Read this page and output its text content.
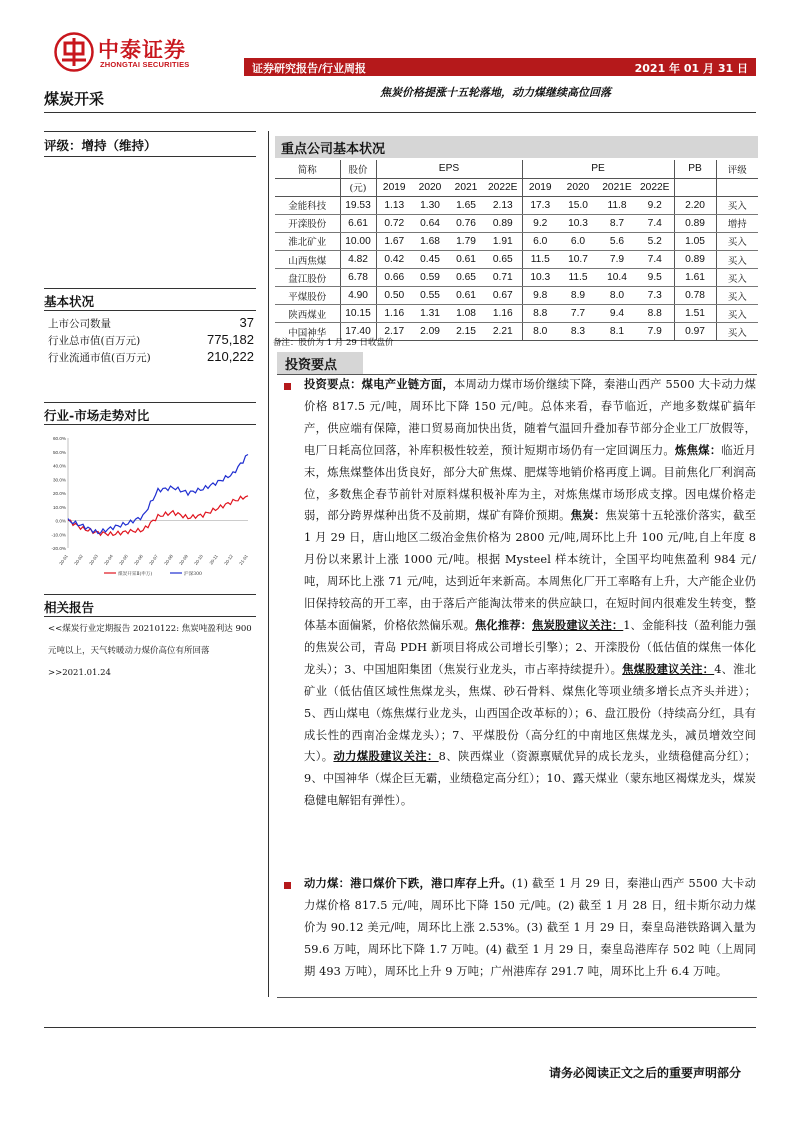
中泰证券
ZHONGTAI SECURITIES	证券研究报告/行业周报	2021 年 01 月 31 日
煤炭开采	焦炭价格提涨十五轮落地，动力煤继续高位回落
评级：增持（维持）
基本状况
上市公司数量	37
行业总市值(百万元)	775,182
行业流通市值(百万元)	210,222
行业-市场走势对比
60.0%
50.0%
40.0%
30.0%
20.0%
10.0%
0.0%
-10.0%
-20.0%
20-01 20-02 20-03 20-04 20-05 20-06 20-07 20-08 20-09 20-10 20-11 20-12 21-01
煤炭开采Ⅱ(申万)	沪深300
相关报告
<<煤炭行业定期报告 20210122: 焦炭吨盈利达 900 元吨以上，天气转暖动力煤价高位有所回落>>2021.01.24
重点公司基本状况
简称	股价	EPS				PE				PB	评级
	(元)	2019	2020	2021	2022E	2019	2020	2021E	2022E		
金能科技	19.53	1.13	1.30	1.65	2.13	17.3	15.0	11.8	9.2	2.20	买入
开滦股份	6.61	0.72	0.64	0.76	0.89	9.2	10.3	8.7	7.4	0.89	增持
淮北矿业	10.00	1.67	1.68	1.79	1.91	6.0	6.0	5.6	5.2	1.05	买入
山西焦煤	4.82	0.42	0.45	0.61	0.65	11.5	10.7	7.9	7.4	0.89	买入
盘江股份	6.78	0.66	0.59	0.65	0.71	10.3	11.5	10.4	9.5	1.61	买入
平煤股份	4.90	0.50	0.55	0.61	0.67	9.8	8.9	8.0	7.3	0.78	买入
陕西煤业	10.15	1.16	1.31	1.08	1.16	8.8	7.7	9.4	8.8	1.51	买入
中国神华	17.40	2.17	2.09	2.15	2.21	8.0	8.3	8.1	7.9	0.97	买入
备注：股价为 1 月 29 日收盘价
投资要点
投资要点：煤电产业链方面，本周动力煤市场价继续下降，秦港山西产 5500 大卡动力煤价格 817.5 元/吨，周环比下降 150 元/吨。总体来看，春节临近，产地多数煤矿搞年产，供应端有保障，港口贸易商加快出货，随着气温回升叠加春节部分企业工厂放假等，电厂日耗高位回落，补库积极性较差，预计短期市场仍有一定回调压力。炼焦煤：临近月末，炼焦煤整体出货良好，部分大矿焦煤、肥煤等地销价格再度上调。目前焦化厂利润高位，多数焦企春节前针对原料煤积极补库为主，对炼焦煤市场形成支撑。因电煤价格走弱，部分跨界煤种出货不及前期，煤矿有降价预期。焦炭：焦炭第十五轮涨价落实，截至 1 月 29 日，唐山地区二级冶金焦价格为 2800 元/吨,周环比上升 100 元/吨,自上年度 8 月份以来累计上涨 1000 元/吨。根据 Mysteel 样本统计，全国平均吨焦盈利 984 元/吨，周环比上涨 71 元/吨，达到近年来新高。本周焦化厂开工率略有上升，大产能企业仍旧保持较高的开工率，由于落后产能淘汰带来的供应缺口，在短时间内很难发生转变，整体基本面偏紧，价格依然偏乐观。焦化推荐：焦炭股建议关注：1、金能科技（盈利能力强的焦炭公司，青岛 PDH 新项目将成公司增长引擎）；2、开滦股份（低估值的煤焦一体化龙头）；3、中国旭阳集团（焦炭行业龙头，市占率持续提升）。焦煤股建议关注：4、淮北矿业（低估值区域性焦煤龙头，焦煤、砂石骨料、煤焦化等项业绩多增长点齐头并进）； 5、西山煤电（炼焦煤行业龙头，山西国企改革标的）；6、盘江股份（持续高分红，具有成长性的西南冶金煤龙头）；7、平煤股份（高分红的中南地区焦煤龙头，减员增效空间大）。动力煤股建议关注：8、陕西煤业（资源禀赋优异的成长龙头，业绩稳健高分红）；9、中国神华（煤企巨无霸，业绩稳定高分红）；10、露天煤业（蒙东地区褐煤龙头，煤炭稳健电解铝有弹性）。
动力煤：港口煤价下跌，港口库存上升。(1) 截至 1 月 29 日，秦港山西产 5500 大卡动力煤价格 817.5 元/吨，周环比下降 150 元/吨。(2) 截至 1 月 28 日，纽卡斯尔动力煤价为 90.12 美元/吨，周环比上涨 2.53%。(3) 截至 1 月 29 日，秦皇岛港铁路调入量为 59.6 万吨，周环比下降 1.7 万吨。(4) 截至 1 月 29 日，秦皇岛港库存 502 吨（上周同期 493 万吨），周环比上升 9 万吨；广州港库存 291.7 吨，周环比上升 6.4 万吨。
请务必阅读正文之后的重要声明部分
